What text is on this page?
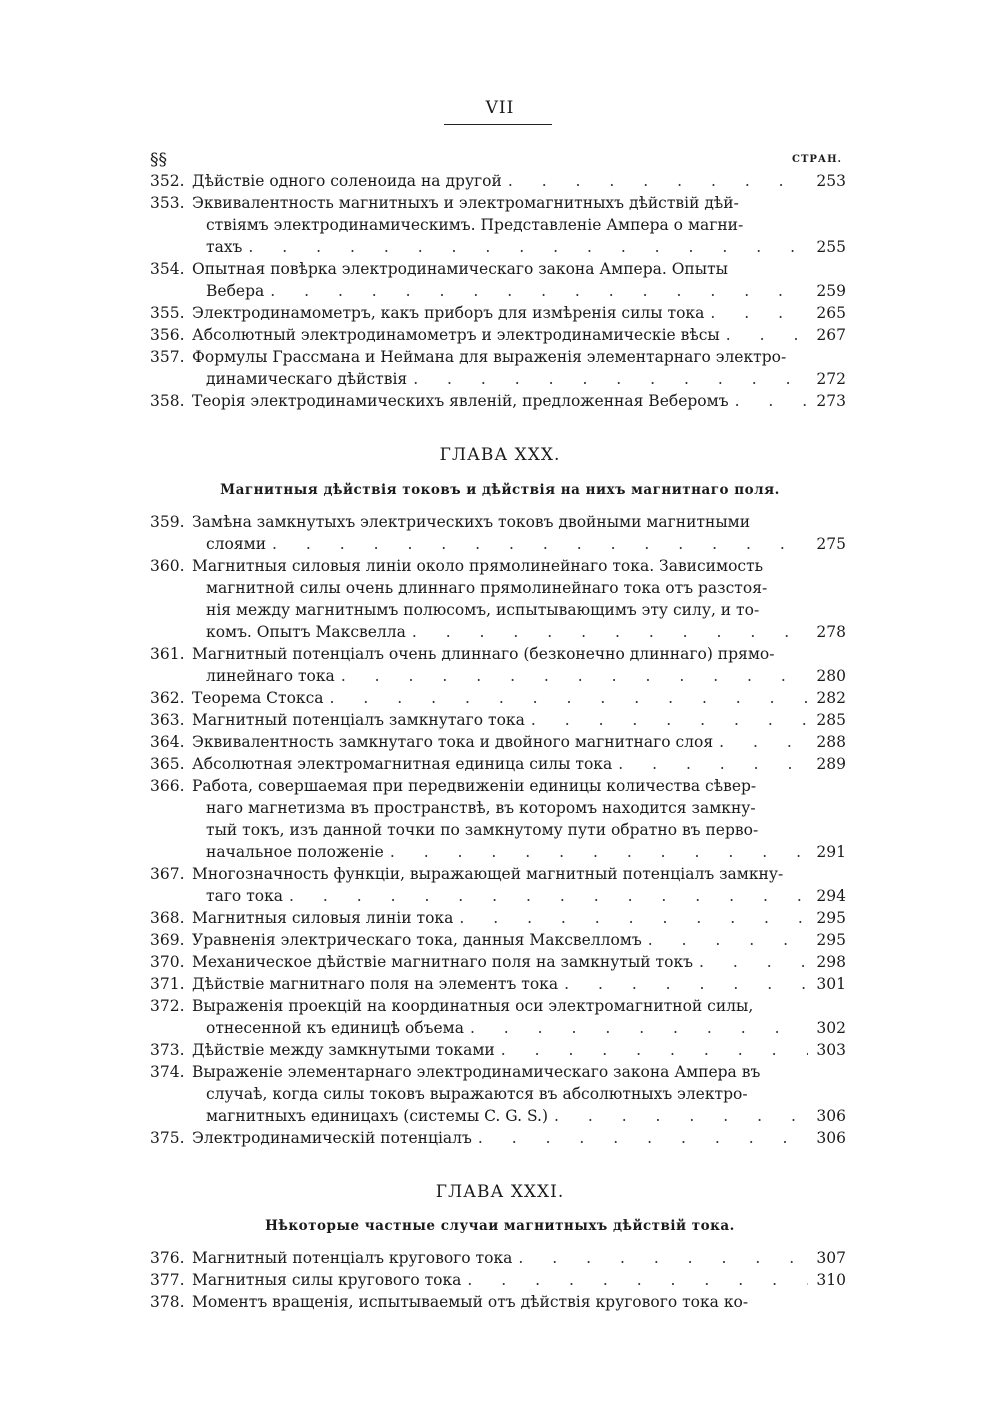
VII
§§	СТРАН.
352. Дѣйствіе одного соленоида на другой . . .	253
353. Эквивалентность магнитныхъ и электромагнитныхъ дѣйствій дѣй-
ствіямъ электродинамическимъ. Представленіе Ампера о магни-
тахъ . . .	255
354. Опытная повѣрка электродинамическаго закона Ампера. Опыты
Вебера . . .	259
355. Электродинамометръ, какъ приборъ для измѣренія силы тока . . .	265
356. Абсолютный электродинамометръ и электродинамическіе вѣсы . . .	267
357. Формулы Грассмана и Неймана для выраженія элементарнаго электро-
динамическаго дѣйствія . . .	272
358. Теорія электродинамическихъ явленій, предложенная Веберомъ . . .	273
ГЛАВА XXX.
Магнитныя дѣйствія токовъ и дѣйствія на нихъ магнитнаго поля.
359. Замѣна замкнутыхъ электрическихъ токовъ двойными магнитными
слоями . . .	275
360. Магнитныя силовыя линіи около прямолинейнаго тока. Зависимость
магнитной силы очень длиннаго прямолинейнаго тока отъ разстоя-
нія между магнитнымъ полюсомъ, испытывающимъ эту силу, и то-
комъ. Опытъ Максвелла . . .	278
361. Магнитный потенціалъ очень длиннаго (безконечно длиннаго) прямо-
линейнаго тока . . .	280
362. Теорема Стокса . . .	282
363. Магнитный потенціалъ замкнутаго тока . . .	285
364. Эквивалентность замкнутаго тока и двойного магнитнаго слоя . . .	288
365. Абсолютная электромагнитная единица силы тока . . .	289
366. Работа, совершаемая при передвиженіи единицы количества сѣвер-
наго магнетизма въ пространствѣ, въ которомъ находится замкну-
тый токъ, изъ данной точки по замкнутому пути обратно въ перво-
начальное положеніе . . .	291
367. Многозначность функціи, выражающей магнитный потенціалъ замкну-
таго тока . . .	294
368. Магнитныя силовыя линіи тока . . .	295
369. Уравненія электрическаго тока, данныя Максвелломъ . . .	295
370. Механическое дѣйствіе магнитнаго поля на замкнутый токъ . . .	298
371. Дѣйствіе магнитнаго поля на элементъ тока . . .	301
372. Выраженія проекцій на координатныя оси электромагнитной силы,
отнесенной къ единицѣ объема . . .	302
373. Дѣйствіе между замкнутыми токами . . .	303
374. Выраженіе элементарнаго электродинамическаго закона Ампера въ
случаѣ, когда силы токовъ выражаются въ абсолютныхъ электро-
магнитныхъ единицахъ (системы C. G. S.) . . .	306
375. Электродинамическій потенціалъ . . .	306
ГЛАВА XXXI.
Нѣкоторые частные случаи магнитныхъ дѣйствій тока.
376. Магнитный потенціалъ кругового тока . . .	307
377. Магнитныя силы кругового тока . . .	310
378. Моментъ вращенія, испытываемый отъ дѣйствія кругового тока ко-
